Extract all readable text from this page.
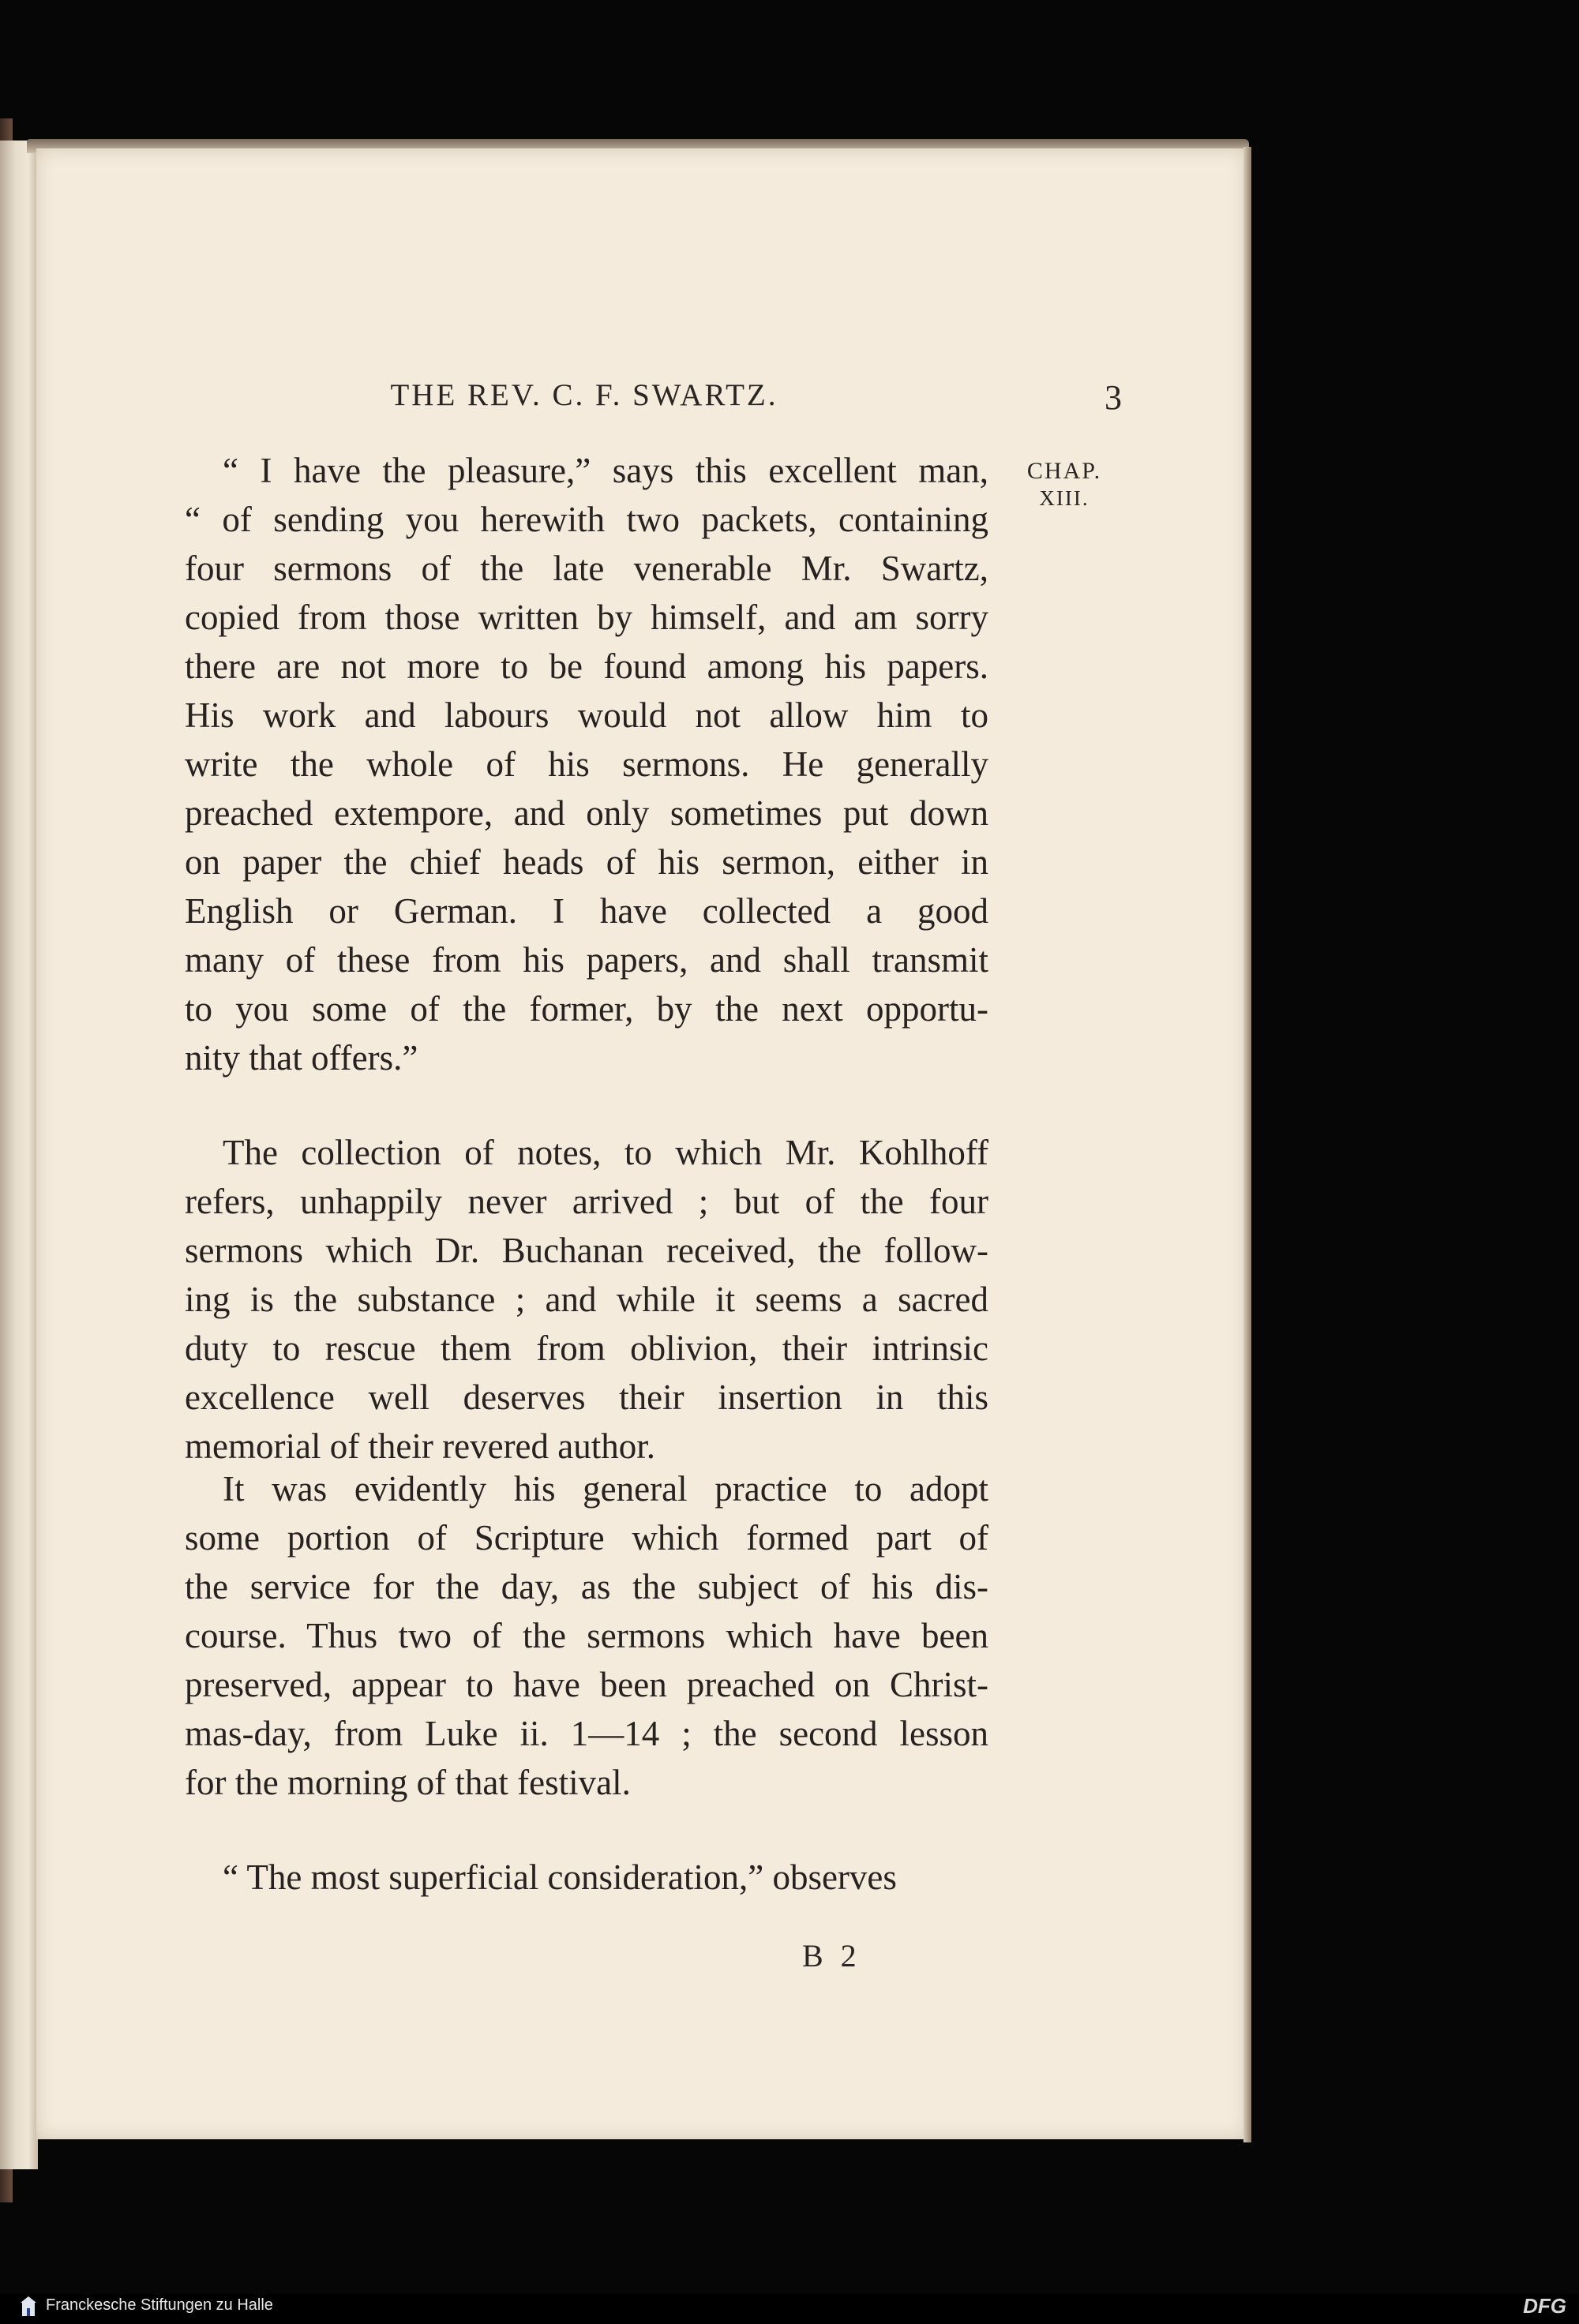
THE REV. C. F. SWARTZ.	3
CHAP.
XIII.
“ I have the pleasure,” says this excellent man,
“ of sending you herewith two packets, containing
four sermons of the late venerable Mr. Swartz,
copied from those written by himself, and am sorry
there are not more to be found among his papers.
His work and labours would not allow him to
write the whole of his sermons. He generally
preached extempore, and only sometimes put down
on paper the chief heads of his sermon, either in
English or German. I have collected a good
many of these from his papers, and shall transmit
to you some of the former, by the next opportu-
nity that offers.”
The collection of notes, to which Mr. Kohlhoff
refers, unhappily never arrived ; but of the four
sermons which Dr. Buchanan received, the follow-
ing is the substance ; and while it seems a sacred
duty to rescue them from oblivion, their intrinsic
excellence well deserves their insertion in this
memorial of their revered author.
It was evidently his general practice to adopt
some portion of Scripture which formed part of
the service for the day, as the subject of his dis-
course. Thus two of the sermons which have been
preserved, appear to have been preached on Christ-
mas-day, from Luke ii. 1—14 ; the second lesson
for the morning of that festival.
“ The most superficial consideration,” observes
B 2
Franckesche Stiftungen zu Halle	DFG
